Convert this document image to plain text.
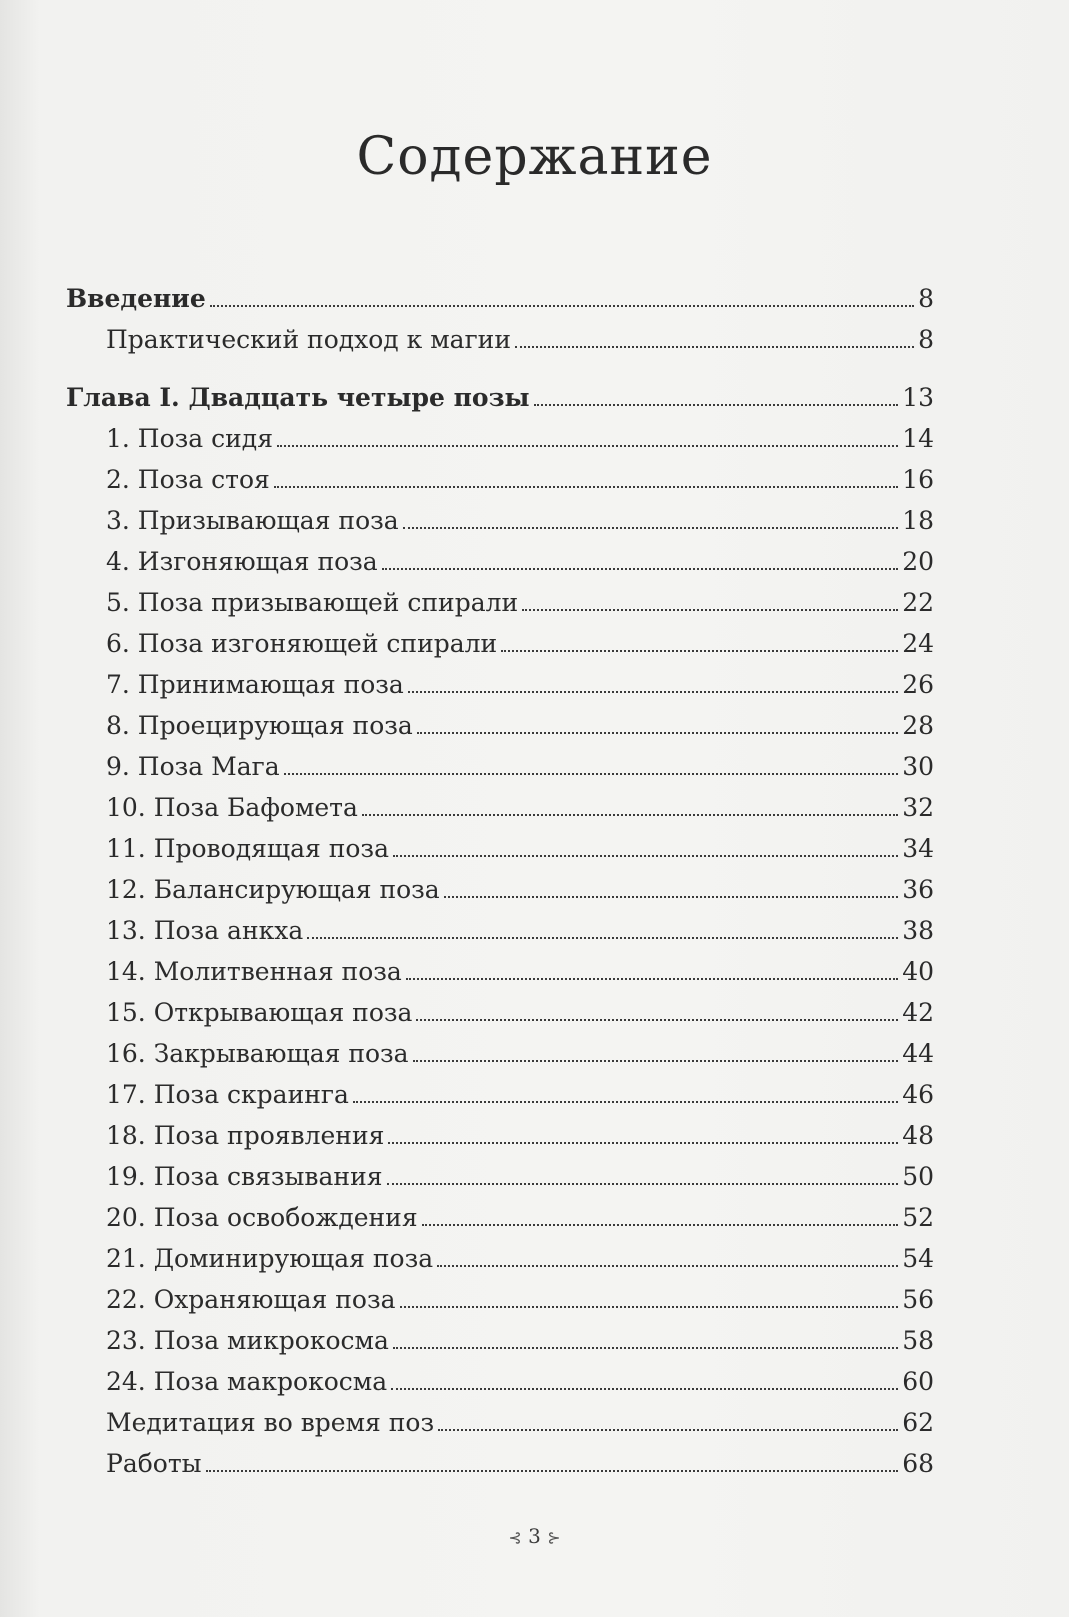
Содержание
Введение	8
Практический подход к магии	8
Глава I. Двадцать четыре позы	13
1. Поза сидя	14
2. Поза стоя	16
3. Призывающая поза	18
4. Изгоняющая поза	20
5. Поза призывающей спирали	22
6. Поза изгоняющей спирали	24
7. Принимающая поза	26
8. Проецирующая поза	28
9. Поза Мага	30
10. Поза Бафомета	32
11. Проводящая поза	34
12. Балансирующая поза	36
13. Поза анкха	38
14. Молитвенная поза	40
15. Открывающая поза	42
16. Закрывающая поза	44
17. Поза скраинга	46
18. Поза проявления	48
19. Поза связывания	50
20. Поза освобождения	52
21. Доминирующая поза	54
22. Охраняющая поза	56
23. Поза микрокосма	58
24. Поза макрокосма	60
Медитация во время поз	62
Работы	68
⊰ 3 ⊱
